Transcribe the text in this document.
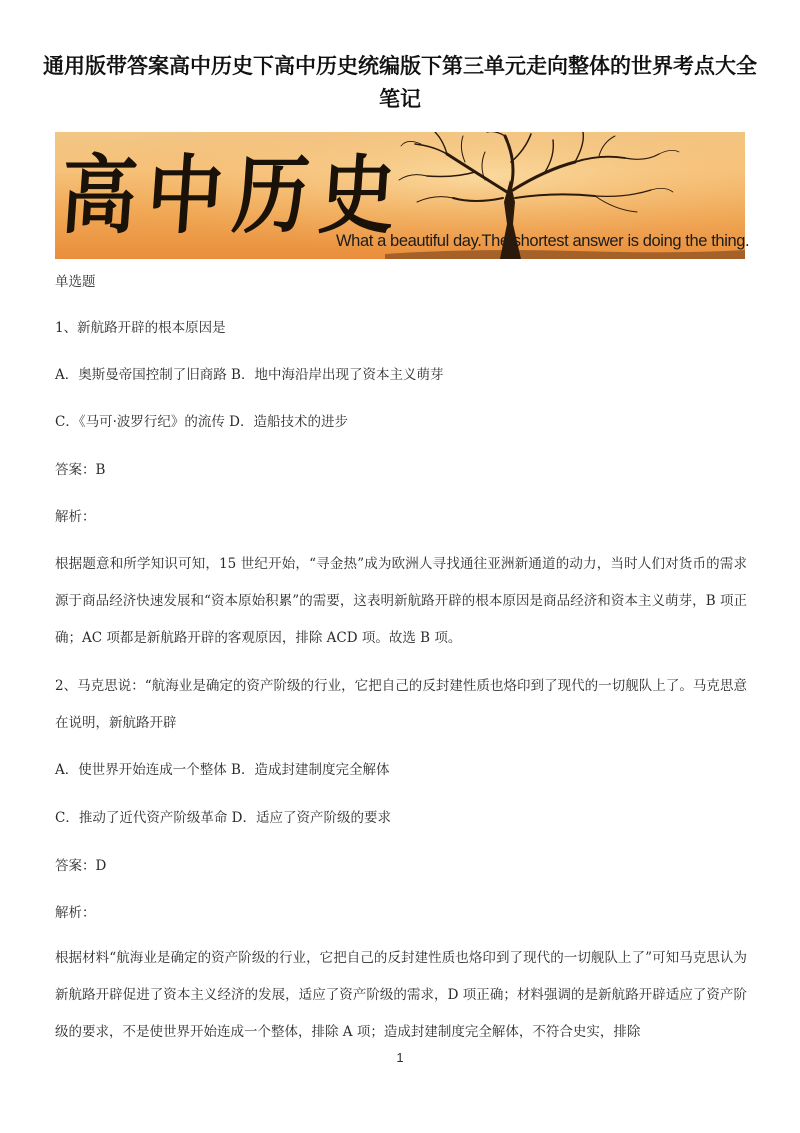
通用版带答案高中历史下高中历史统编版下第三单元走向整体的世界考点大全笔记
高 中 历 史
What a beautiful day.The shortest answer is doing the thing.

单选题

1、新航路开辟的根本原因是

A．奥斯曼帝国控制了旧商路 B．地中海沿岸出现了资本主义萌芽

C．《马可·波罗行纪》的流传 D．造船技术的进步

答案：B

解析：

根据题意和所学知识可知，15 世纪开始，“寻金热”成为欧洲人寻找通往亚洲新通道的动力，当时人们对货币的需求源于商品经济快速发展和“资本原始积累”的需要，这表明新航路开辟的根本原因是商品经济和资本主义萌芽，B 项正确；AC 项都是新航路开辟的客观原因，排除 ACD 项。故选 B 项。

2、马克思说：“航海业是确定的资产阶级的行业，它把自己的反封建性质也烙印到了现代的一切舰队上了。马克思意在说明，新航路开辟

A．使世界开始连成一个整体 B．造成封建制度完全解体

C．推动了近代资产阶级革命 D．适应了资产阶级的要求

答案：D

解析：

根据材料“航海业是确定的资产阶级的行业，它把自己的反封建性质也烙印到了现代的一切舰队上了”可知马克思认为新航路开辟促进了资本主义经济的发展，适应了资产阶级的需求，D 项正确；材料强调的是新航路开辟适应了资产阶级的要求，不是使世界开始连成一个整体，排除 A 项；造成封建制度完全解体，不符合史实，排除

1
